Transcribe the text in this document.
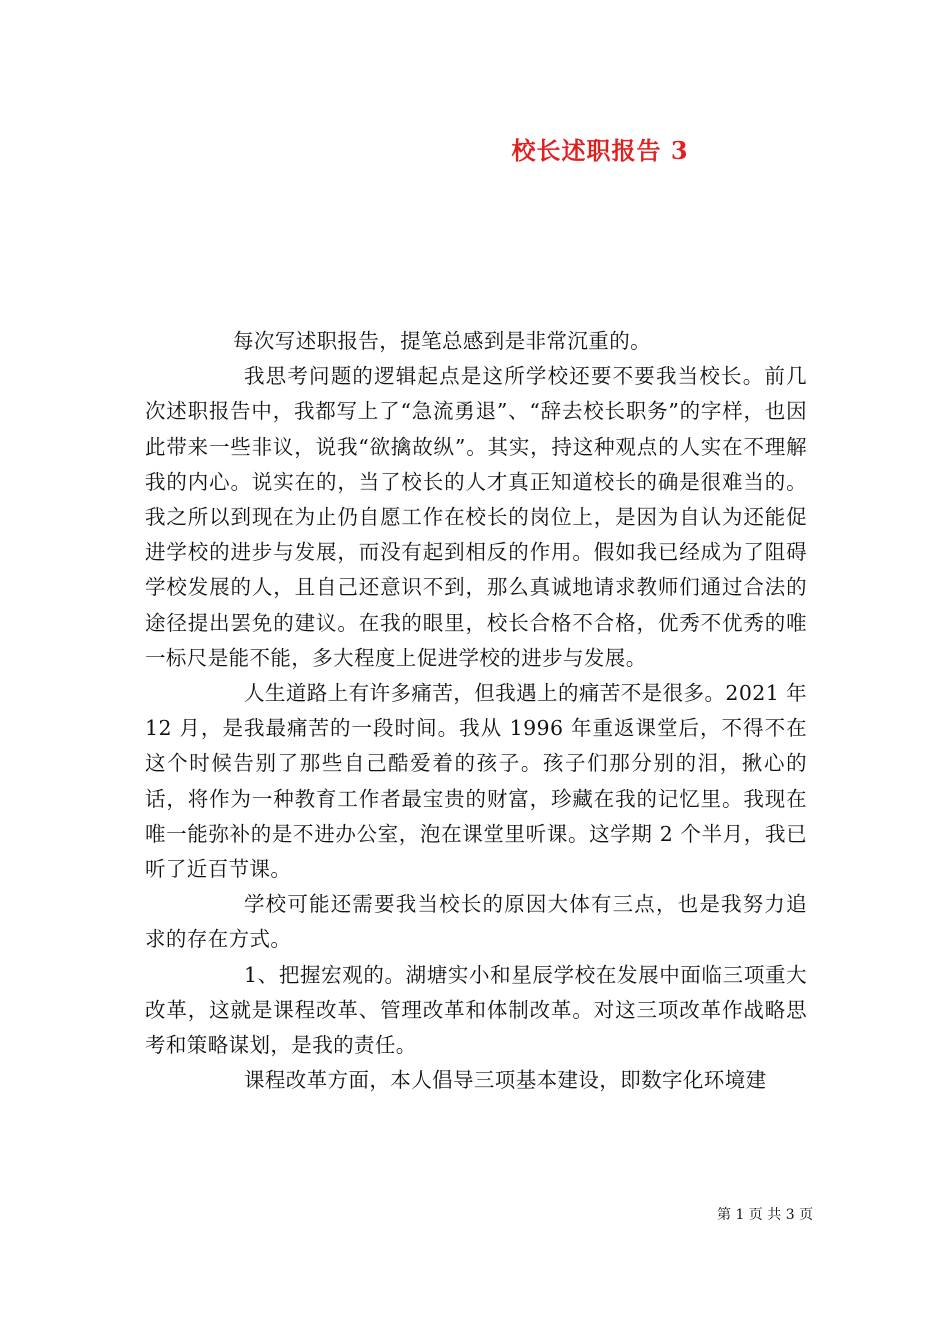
校长述职报告 3

每次写述职报告，提笔总感到是非常沉重的。

我思考问题的逻辑起点是这所学校还要不要我当校长。前几次述职报告中，我都写上了“急流勇退”、“辞去校长职务”的字样，也因此带来一些非议，说我“欲擒故纵”。其实，持这种观点的人实在不理解我的内心。说实在的，当了校长的人才真正知道校长的确是很难当的。我之所以到现在为止仍自愿工作在校长的岗位上，是因为自认为还能促进学校的进步与发展，而没有起到相反的作用。假如我已经成为了阻碍学校发展的人，且自己还意识不到，那么真诚地请求教师们通过合法的途径提出罢免的建议。在我的眼里，校长合格不合格，优秀不优秀的唯一标尺是能不能，多大程度上促进学校的进步与发展。

人生道路上有许多痛苦，但我遇上的痛苦不是很多。2021 年 12 月，是我最痛苦的一段时间。我从 1996 年重返课堂后，不得不在这个时候告别了那些自己酷爱着的孩子。孩子们那分别的泪，揪心的话，将作为一种教育工作者最宝贵的财富，珍藏在我的记忆里。我现在唯一能弥补的是不进办公室，泡在课堂里听课。这学期 2 个半月，我已听了近百节课。

学校可能还需要我当校长的原因大体有三点，也是我努力追求的存在方式。

1、把握宏观的。湖塘实小和星辰学校在发展中面临三项重大改革，这就是课程改革、管理改革和体制改革。对这三项改革作战略思考和策略谋划，是我的责任。

课程改革方面，本人倡导三项基本建设，即数字化环境建

第 1 页 共 3 页
